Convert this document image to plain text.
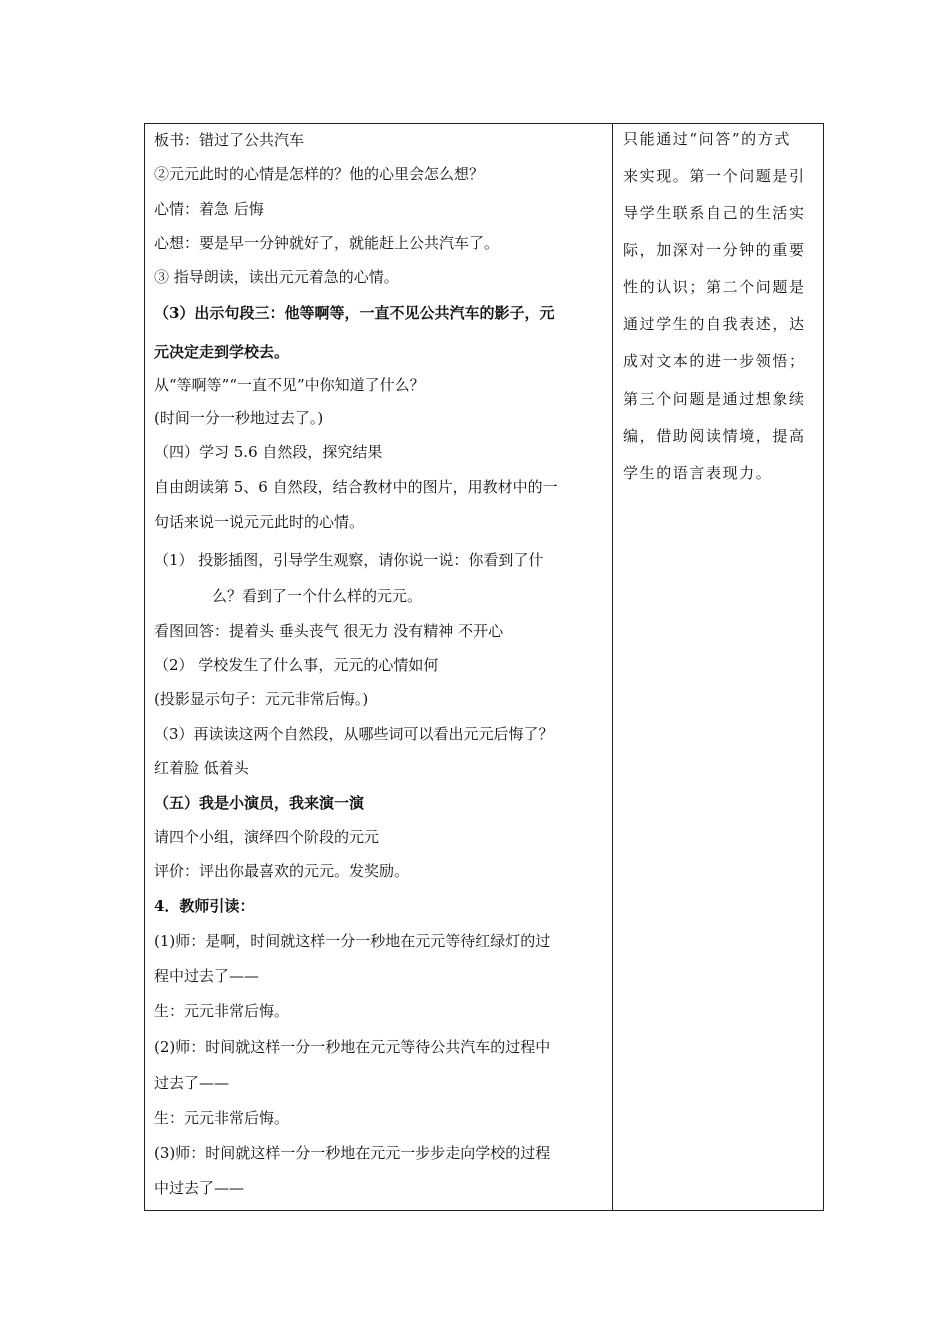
板书：错过了公共汽车
②元元此时的心情是怎样的？他的心里会怎么想？
心情：着急 后悔
心想：要是早一分钟就好了，就能赶上公共汽车了。
③ 指导朗读，读出元元着急的心情。
（3）出示句段三：他等啊等，一直不见公共汽车的影子，元
元决定走到学校去。
从“等啊等”“一直不见”中你知道了什么？
(时间一分一秒地过去了。)
（四）学习 5.6 自然段，探究结果
自由朗读第 5、6 自然段，结合教材中的图片，用教材中的一
句话来说一说元元此时的心情。
（1） 投影插图，引导学生观察，请你说一说：你看到了什
么？看到了一个什么样的元元。
看图回答：提着头 垂头丧气 很无力 没有精神 不开心
（2） 学校发生了什么事，元元的心情如何
(投影显示句子：元元非常后悔。)
（3）再读读这两个自然段，从哪些词可以看出元元后悔了？
红着脸 低着头
（五）我是小演员，我来演一演
请四个小组，演绎四个阶段的元元
评价：评出你最喜欢的元元。发奖励。
4．教师引读：
(1)师：是啊，时间就这样一分一秒地在元元等待红绿灯的过
程中过去了——
生：元元非常后悔。
(2)师：时间就这样一分一秒地在元元等待公共汽车的过程中
过去了——
生：元元非常后悔。
(3)师：时间就这样一分一秒地在元元一步步走向学校的过程
中过去了——
只能通过“问答”的方式
来实现。第一个问题是引
导学生联系自己的生活实
际，加深对一分钟的重要
性的认识；第二个问题是
通过学生的自我表述，达
成对文本的进一步领悟；
第三个问题是通过想象续
编，借助阅读情境，提高
学生的语言表现力。
